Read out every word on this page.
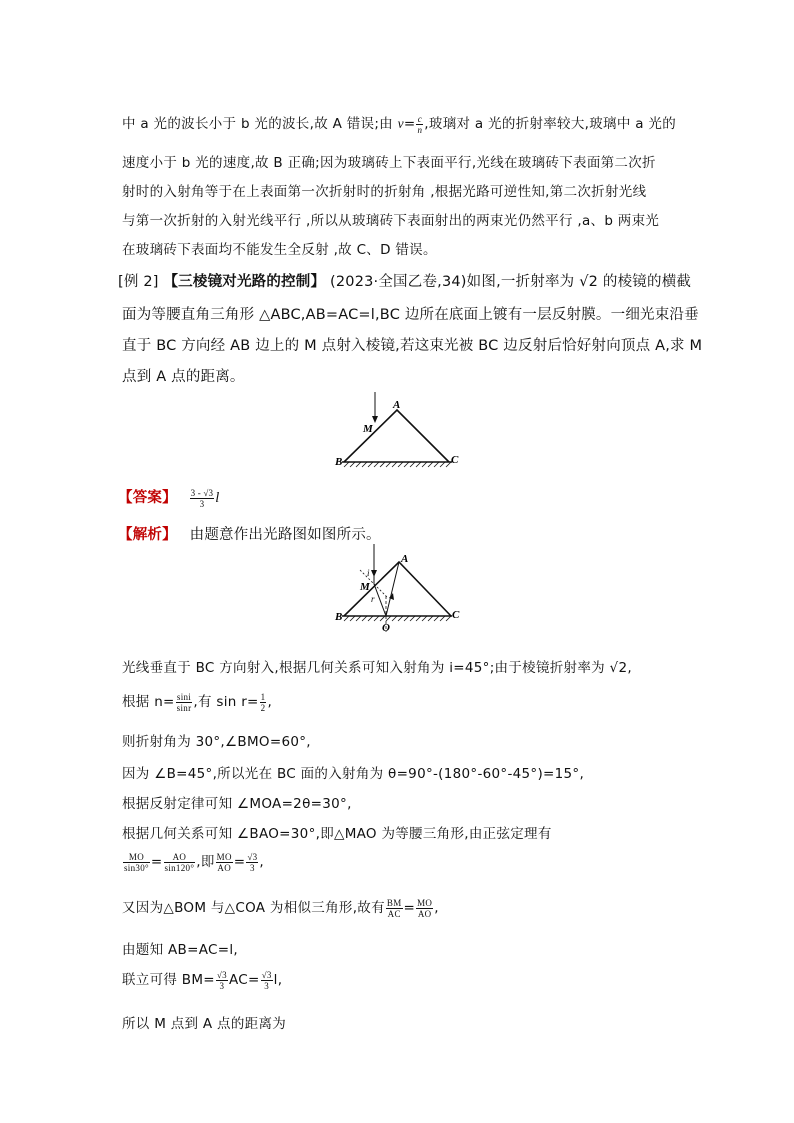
中 a 光的波长小于 b 光的波长,故 A 错误;由 $v= \frac{c}{n}$ ,玻璃对 a 光的折射率较大,玻璃中 a 光的
速度小于 b 光的速度,故 B 正确;因为玻璃砖上下表面平行,光线在玻璃砖下表面第二次折
射时的入射角等于在上表面第一次折射时的折射角 ,根据光路可逆性知,第二次折射光线
与第一次折射的入射光线平行 ,所以从玻璃砖下表面射出的两束光仍然平行 ,a、b 两束光
在玻璃砖下表面均不能发生全反射 ,故 C、D 错误。
[例 2] 【三棱镜对光路的控制】 (2023·全国乙卷,34)如图,一折射率为 √2 的棱镜的横截
面为等腰直角三角形 △ABC,AB=AC=l,BC 边所在底面上镀有一层反射膜。一细光束沿垂
直于 BC 方向经 AB 边上的 M 点射入棱镜,若这束光被 BC 边反射后恰好射向顶点 A,求 M
点到 A 点的距离。
A
B	C
M
【答案】 $\frac{3 - √3}{3}$ l
【解析】 由题意作出光路图如图所示。
A
B	C
M
O
i
r
光线垂直于 BC 方向射入,根据几何关系可知入射角为 i=45°;由于棱镜折射率为 √2,
根据 $n= \frac{\sin i}{\sin r}$ ,有 $\sin r= \frac{1}{2}$ ,
则折射角为 30°,∠BMO=60°,
因为 ∠B=45°,所以光在 BC 面的入射角为 θ=90°-(180°-60°-45°)=15°,
根据反射定律可知 ∠MOA=2θ=30°,
根据几何关系可知 ∠BAO=30°,即△MAO 为等腰三角形,由正弦定理有
$\frac{MO}{\sin 30^\circ} = \frac{AO}{\sin 120^\circ}$ ,即 $\frac{MO}{AO} = \frac{√3}{3}$ ,
又因为△BOM 与△COA 为相似三角形,故有 $\frac{BM}{AC} = \frac{MO}{AO}$ ,
由题知 AB=AC=l,
联立可得 $BM= \frac{√3}{3} AC= \frac{√3}{3} l$,
所以 M 点到 A 点的距离为
